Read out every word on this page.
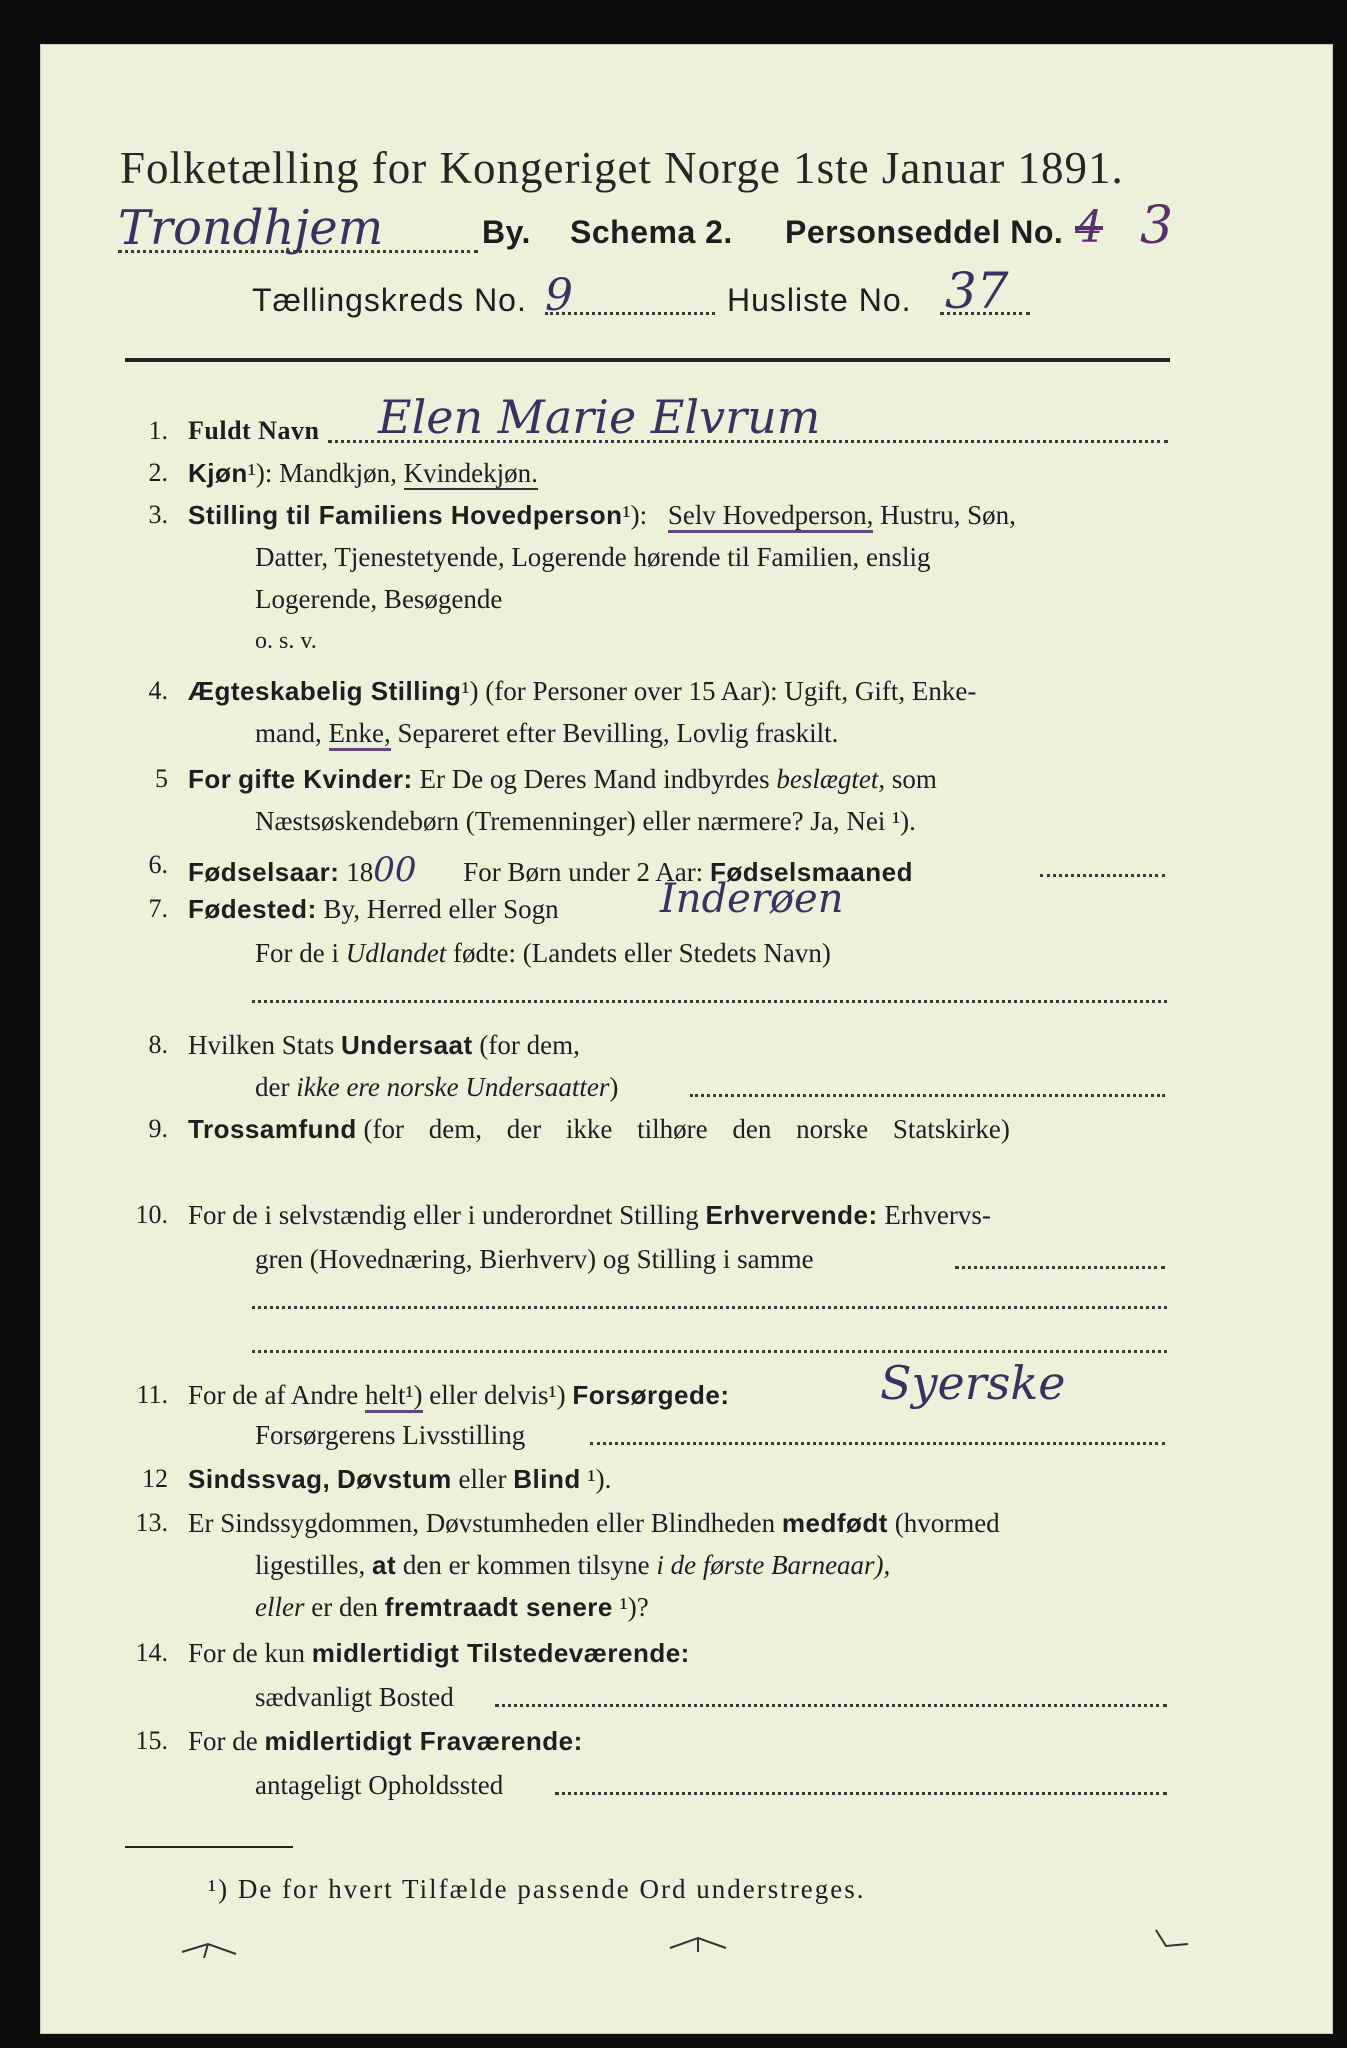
Folketælling for Kongeriget Norge 1ste Januar 1891.
Trondhjem	By. Schema 2. Personseddel No. 4 3
Tællingskreds No. 9	Husliste No. 37
1. Fuldt Navn Elen Marie Elvrum
2. Kjøn¹): Mandkjøn, Kvindekjøn.
3. Stilling til Familiens Hovedperson¹): Selv Hovedperson, Hustru, Søn,
Datter, Tjenestetyende, Logerende hørende til Familien, enslig
Logerende, Besøgende
o. s. v.
4. Ægteskabelig Stilling¹) (for Personer over 15 Aar): Ugift, Gift, Enke-
mand, Enke, Separeret efter Bevilling, Lovlig fraskilt.
5 For gifte Kvinder: Er De og Deres Mand indbyrdes beslægtet, som
Næstsøskendebørn (Tremenninger) eller nærmere? Ja, Nei ¹).
6. Fødselsaar: 1800 For Børn under 2 Aar: Fødselsmaaned
7. Fødested: By, Herred eller Sogn	Inderøen
For de i Udlandet fødte: (Landets eller Stedets Navn)
8. Hvilken Stats Undersaat (for dem,
der ikke ere norske Undersaatter)
9. Trossamfund (for dem, der ikke tilhøre den norske Statskirke)
10. For de i selvstændig eller i underordnet Stilling Erhvervende: Erhvervs-
gren (Hovednæring, Bierhverv) og Stilling i samme
11. For de af Andre helt¹) eller delvis¹) Forsørgede:	Syerske
Forsørgerens Livsstilling
12 Sindssvag, Døvstum eller Blind ¹).
13. Er Sindssygdommen, Døvstumheden eller Blindheden medfødt (hvormed
ligestilles, at den er kommen tilsyne i de første Barneaar),
eller er den fremtraadt senere ¹)?
14. For de kun midlertidigt Tilstedeværende:
sædvanligt Bosted
15. For de midlertidigt Fraværende:
antageligt Opholdssted
¹) De for hvert Tilfælde passende Ord understreges.
